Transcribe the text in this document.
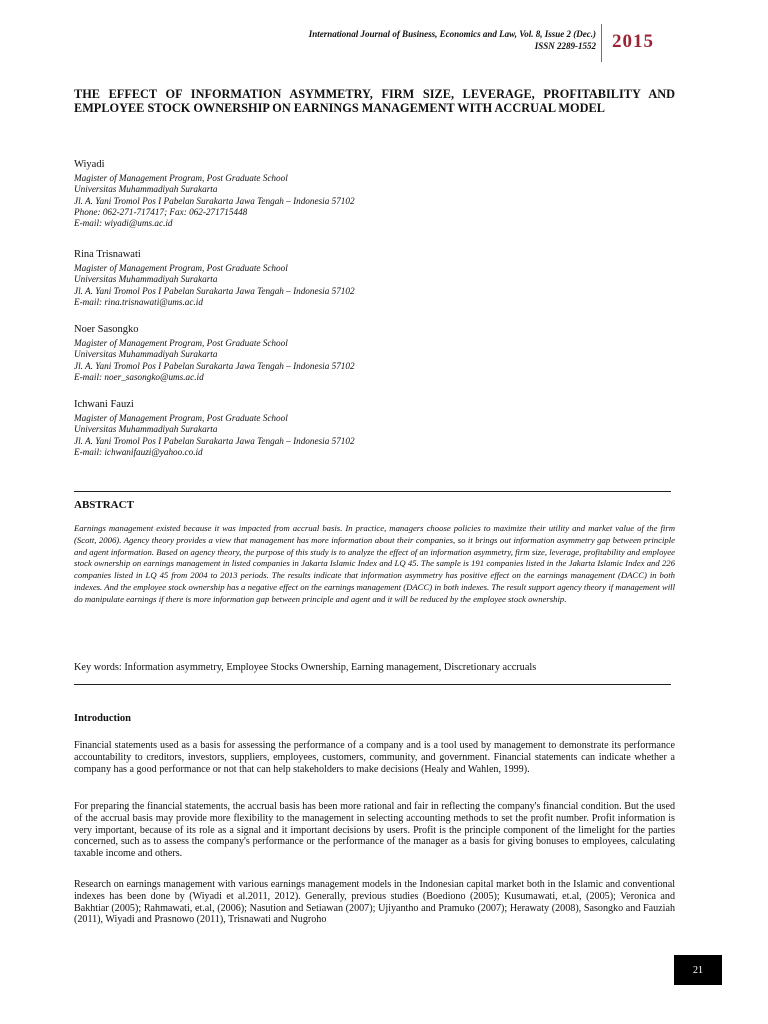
International Journal of Business, Economics and Law, Vol. 8, Issue 2 (Dec.)
ISSN 2289-1552 2015
THE EFFECT OF INFORMATION ASYMMETRY, FIRM SIZE, LEVERAGE, PROFITABILITY AND EMPLOYEE STOCK OWNERSHIP ON EARNINGS MANAGEMENT WITH ACCRUAL MODEL
Wiyadi
Magister of Management Program, Post Graduate School
Universitas Muhammadiyah Surakarta
Jl. A. Yani Tromol Pos I Pabelan Surakarta Jawa Tengah – Indonesia 57102
Phone: 062-271-717417; Fax: 062-271715448
E-mail: wiyadi@ums.ac.id
Rina Trisnawati
Magister of Management Program, Post Graduate School
Universitas Muhammadiyah Surakarta
Jl. A. Yani Tromol Pos I Pabelan Surakarta Jawa Tengah – Indonesia 57102
E-mail: rina.trisnawati@ums.ac.id
Noer Sasongko
Magister of Management Program, Post Graduate School
Universitas Muhammadiyah Surakarta
Jl. A. Yani Tromol Pos I Pabelan Surakarta Jawa Tengah – Indonesia 57102
E-mail: noer_sasongko@ums.ac.id
Ichwani Fauzi
Magister of Management Program, Post Graduate School
Universitas Muhammadiyah Surakarta
Jl. A. Yani Tromol Pos I Pabelan Surakarta Jawa Tengah – Indonesia 57102
E-mail: ichwanifauzi@yahoo.co.id
ABSTRACT
Earnings management existed because it was impacted from accrual basis. In practice, managers choose policies to maximize their utility and market value of the firm (Scott, 2006). Agency theory provides a view that management has more information about their companies, so it brings out information asymmetry gap between principle and agent information. Based on agency theory, the purpose of this study is to analyze the effect of an information asymmetry, firm size, leverage, profitability and employee stock ownership on earnings management in listed companies in Jakarta Islamic Index and LQ 45. The sample is 191 companies listed in the Jakarta Islamic Index and 226 companies listed in LQ 45 from 2004 to 2013 periods. The results indicate that information asymmetry has positive effect on the earnings management (DACC) in both indexes. And the employee stock ownership has a negative effect on the earnings management (DACC) in both indexes. The result support agency theory if management will do manipulate earnings if there is more information gap between principle and agent and it will be reduced by the employee stock ownership.
Key words: Information asymmetry, Employee Stocks Ownership, Earning management, Discretionary accruals
Introduction

Financial statements used as a basis for assessing the performance of a company and is a tool used by management to demonstrate its performance accountability to creditors, investors, suppliers, employees, customers, community, and government. Financial statements can indicate whether a company has a good performance or not that can help stakeholders to make decisions (Healy and Wahlen, 1999).

For preparing the financial statements, the accrual basis has been more rational and fair in reflecting the company's financial condition. But the used of the accrual basis may provide more flexibility to the management in selecting accounting methods to set the profit number. Profit information is very important, because of its role as a signal and it important decisions by users. Profit is the principle component of the limelight for the parties concerned, such as to assess the company's performance or the performance of the manager as a basis for giving bonuses to employees, calculating taxable income and others.

Research on earnings management with various earnings management models in the Indonesian capital market both in the Islamic and conventional indexes has been done by (Wiyadi et al.2011, 2012). Generally, previous studies (Boediono (2005); Kusumawati, et.al, (2005); Veronica and Bakhtiar (2005); Rahmawati, et.al, (2006); Nasution and Setiawan (2007); Ujiyantho and Pramuko (2007); Herawaty (2008), Sasongko and Fauziah (2011), Wiyadi and Prasnowo (2011), Trisnawati and Nugroho

21
